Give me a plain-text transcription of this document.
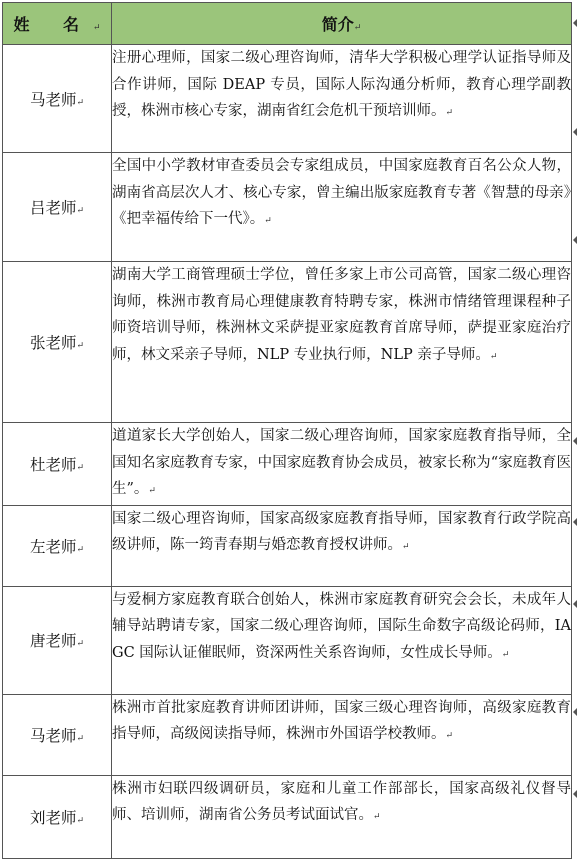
姓 名↵	简介↵
马老师↵	注册心理师，国家二级心理咨询师，清华大学积极心理学认证指导师及合作讲师，国际 DEAP 专员，国际人际沟通分析师，教育心理学副教授，株洲市核心专家，湖南省红会危机干预培训师。↵
吕老师↵	全国中小学教材审查委员会专家组成员，中国家庭教育百名公众人物，湖南省高层次人才、核心专家，曾主编出版家庭教育专著《智慧的母亲》《把幸福传给下一代》。↵
张老师↵	湖南大学工商管理硕士学位，曾任多家上市公司高管，国家二级心理咨询师，株洲市教育局心理健康教育特聘专家，株洲市情绪管理课程种子师资培训导师，株洲林文采萨提亚家庭教育首席导师，萨提亚家庭治疗师，林文采亲子导师，NLP 专业执行师，NLP 亲子导师。↵
杜老师↵	道道家长大学创始人，国家二级心理咨询师，国家家庭教育指导师，全国知名家庭教育专家，中国家庭教育协会成员，被家长称为“家庭教育医生”。↵
左老师↵	国家二级心理咨询师，国家高级家庭教育指导师，国家教育行政学院高级讲师，陈一筠青春期与婚恋教育授权讲师。↵
唐老师↵	与爱桐方家庭教育联合创始人，株洲市家庭教育研究会会长，未成年人辅导站聘请专家，国家二级心理咨询师，国际生命数字高级论码师，IAGC 国际认证催眠师，资深两性关系咨询师，女性成长导师。↵
马老师↵	株洲市首批家庭教育讲师团讲师，国家三级心理咨询师，高级家庭教育指导师，高级阅读指导师，株洲市外国语学校教师。↵
刘老师↵	株洲市妇联四级调研员，家庭和儿童工作部部长，国家高级礼仪督导师、培训师，湖南省公务员考试面试官。↵
